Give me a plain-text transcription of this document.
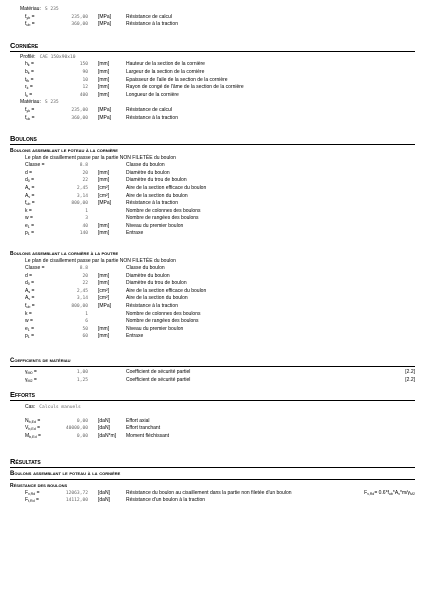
Matériau: S 235
$f_{yb}$ =	235,00	[MPa]	Résistance de calcul
$f_{ub}$ =	360,00	[MPa]	Résistance à la traction
Cornière
Profilé: CAE 150x90x10
$h_k$ =	150	[mm]	Hauteur de la section de la cornière
$b_k$ =	90	[mm]	Largeur de la section de la cornière
$t_{fk}$ =	10	[mm]	Epaisseur de l'aile de la section de la cornière
$r_k$ =	12	[mm]	Rayon de congé de l'âme de la section de la cornière
$l_k$ =	400	[mm]	Longueur de la cornière
Matériau: S 235
$f_{yk}$ =	235,00	[MPa]	Résistance de calcul
$f_{uk}$ =	360,00	[MPa]	Résistance à la traction
Boulons
Boulons assemblant le poteau à la cornière
Le plan de cisaillement passe par la partie NON FILETÉE du boulon
Classe =	8.8	Classe du boulon
d =	20	[mm]	Diamètre du boulon
$d_0$ =	22	[mm]	Diamètre du trou de boulon
$A_s$ =	2,45	[cm²]	Aire de la section efficace du boulon
$A_v$ =	3,14	[cm²]	Aire de la section du boulon
$f_{ub}$ =	800,00	[MPa]	Résistance à la traction
k =	1	Nombre de colonnes des boulons
w =	3	Nombre de rangées des boulons
$e_1$ =	40	[mm]	Niveau du premier boulon
$p_1$ =	140	[mm]	Entraxe
Boulons assemblant la cornière à la poutre
Le plan de cisaillement passe par la partie NON FILETÉE du boulon
Classe =	8.8	Classe du boulon
d =	20	[mm]	Diamètre du boulon
$d_0$ =	22	[mm]	Diamètre du trou de boulon
$A_s$ =	2,45	[cm²]	Aire de la section efficace du boulon
$A_v$ =	3,14	[cm²]	Aire de la section du boulon
$f_{ub}$ =	800,00	[MPa]	Résistance à la traction
k =	1	Nombre de colonnes des boulons
w =	6	Nombre de rangées des boulons
$e_1$ =	50	[mm]	Niveau du premier boulon
$p_1$ =	60	[mm]	Entraxe
Coefficients de matériau
$\gamma_{M0}$ =	1,00	Coefficient de sécurité partiel	[2.2]
$\gamma_{M2}$ =	1,25	Coefficient de sécurité partiel	[2.2]
Efforts
Cas: Calculs manuels
$N_{b,Ed}$ =	0,00	[daN]	Effort axial
$V_{b,Ed}$ =	40000,00	[daN]	Effort tranchant
$M_{b,Ed}$ =	0,00	[daN*m]	Moment fléchissant
Résultats
Boulons assemblant le poteau à la cornière
Résistance des boulons
$F_{v,Rd}$ =	12063,72	[daN]	Résistance du boulon au cisaillement dans la partie non filetée d'un boulon	$F_{v,Rd}= 0.6*f_{ub}*A_v*m/\gamma_{M2}$
$F_{t,Rd}$ =	14112,00	[daN]	Résistance d'un boulon à la traction
